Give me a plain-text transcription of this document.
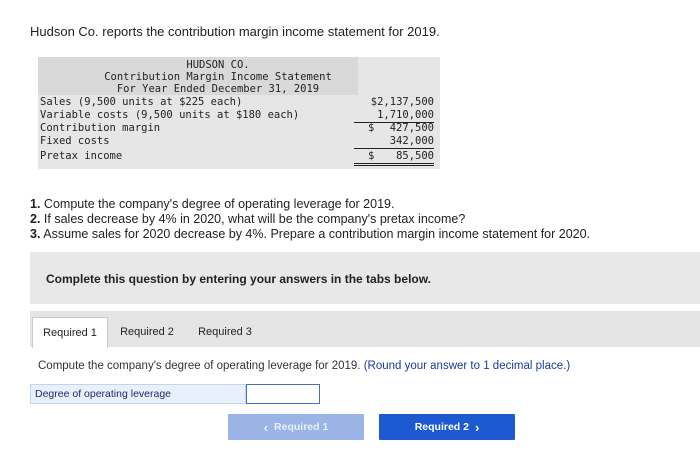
Hudson Co. reports the contribution margin income statement for 2019.
HUDSON CO.
Contribution Margin Income Statement
For Year Ended December 31, 2019
Sales (9,500 units at $225 each)	$2,137,500
Variable costs (9,500 units at $180 each)	1,710,000
Contribution margin	$	427,500
Fixed costs	342,000
Pretax income	$	85,500
1. Compute the company's degree of operating leverage for 2019.
2. If sales decrease by 4% in 2020, what will be the company's pretax income?
3. Assume sales for 2020 decrease by 4%. Prepare a contribution margin income statement for 2020.
Complete this question by entering your answers in the tabs below.
Required 1	Required 2	Required 3
Compute the company's degree of operating leverage for 2019. (Round your answer to 1 decimal place.)
Degree of operating leverage
‹ Required 1	Required 2 ›
